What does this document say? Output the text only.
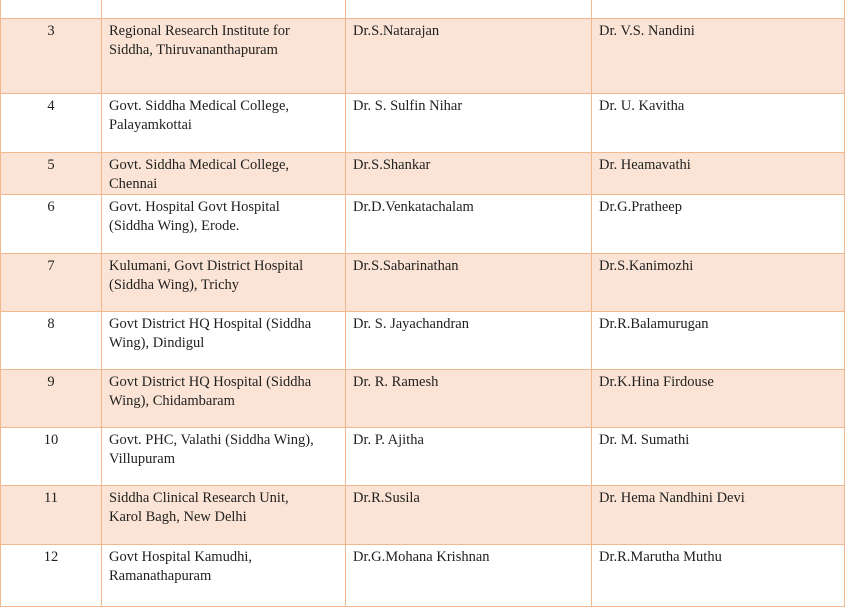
3	Regional Research Institute for
Siddha, Thiruvananthapuram	Dr.S.Natarajan	Dr. V.S. Nandini
4	Govt. Siddha Medical College,
Palayamkottai	Dr. S. Sulfin Nihar	Dr. U. Kavitha
5	Govt. Siddha Medical College,
Chennai	Dr.S.Shankar	Dr. Heamavathi
6	Govt. Hospital Govt Hospital
(Siddha Wing), Erode.	Dr.D.Venkatachalam	Dr.G.Pratheep
7	Kulumani, Govt District Hospital
(Siddha Wing), Trichy	Dr.S.Sabarinathan	Dr.S.Kanimozhi
8	Govt District HQ Hospital (Siddha
Wing), Dindigul	Dr. S. Jayachandran	Dr.R.Balamurugan
9	Govt District HQ Hospital (Siddha
Wing), Chidambaram	Dr. R. Ramesh	Dr.K.Hina Firdouse
10	Govt. PHC, Valathi (Siddha Wing),
Villupuram	Dr. P. Ajitha	Dr. M. Sumathi
11	Siddha Clinical Research Unit,
Karol Bagh, New Delhi	Dr.R.Susila	Dr. Hema Nandhini Devi
12	Govt Hospital Kamudhi,
Ramanathapuram	Dr.G.Mohana Krishnan	Dr.R.Marutha Muthu
